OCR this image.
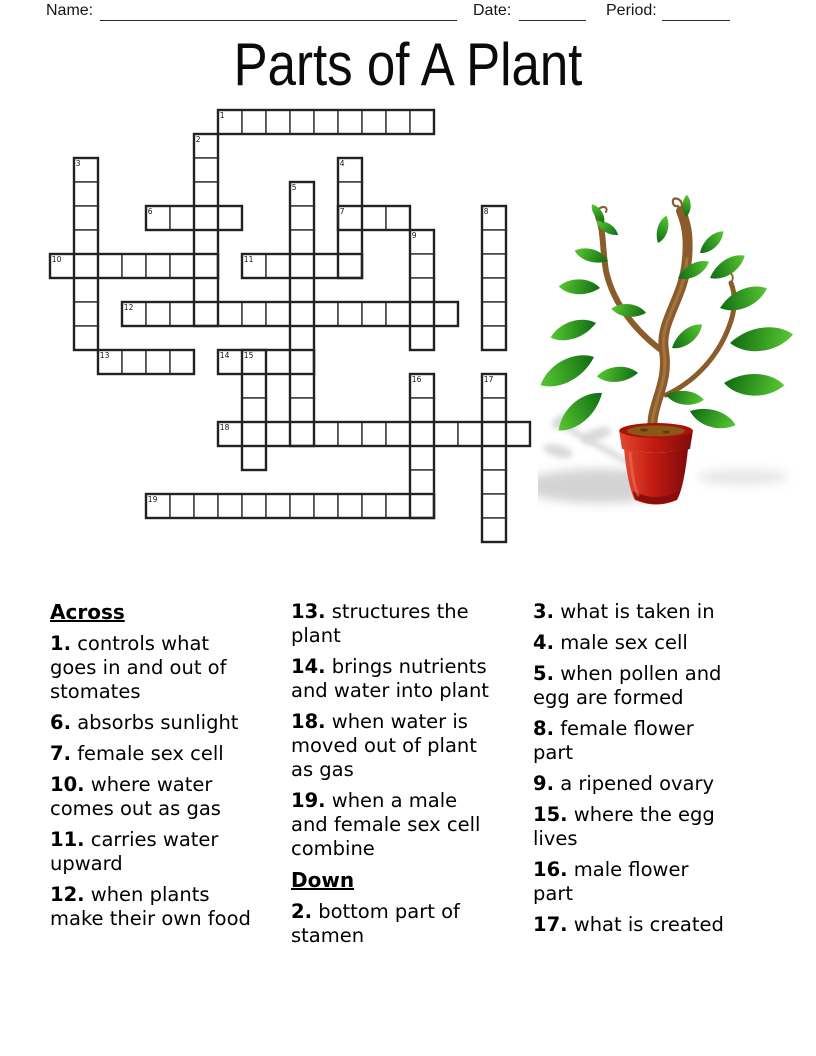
Name:	Date:	Period:
Parts of A Plant
1
2
3	4
5
6	7	8
9
10	11
12
13	14 15
16	17
18
19
Across
1. controls what goes in and out of stomates
6. absorbs sunlight
7. female sex cell
10. where water comes out as gas
11. carries water upward
12. when plants make their own food
13. structures the plant
14. brings nutrients and water into plant
18. when water is moved out of plant as gas
19. when a male and female sex cell combine
Down
2. bottom part of stamen
3. what is taken in
4. male sex cell
5. when pollen and egg are formed
8. female flower part
9. a ripened ovary
15. where the egg lives
16. male flower part
17. what is created
